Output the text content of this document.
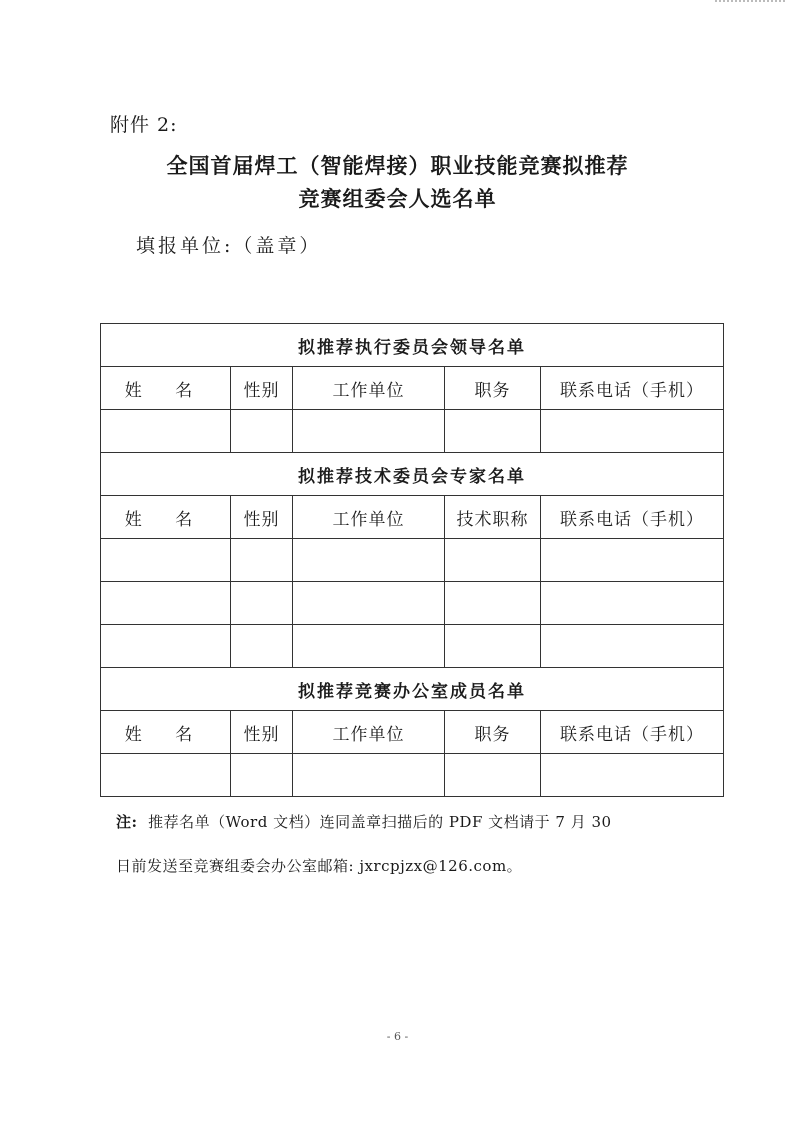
附件 2:
全国首届焊工（智能焊接）职业技能竞赛拟推荐
竞赛组委会人选名单
填报单位:（盖章）
拟推荐执行委员会领导名单				
姓 名	性别	工作单位	职务	联系电话（手机）

拟推荐技术委员会专家名单				
姓 名	性别	工作单位	技术职称	联系电话（手机）

拟推荐竞赛办公室成员名单				
姓 名	性别	工作单位	职务	联系电话（手机）

注: 推荐名单（Word 文档）连同盖章扫描后的 PDF 文档请于 7 月 30
日前发送至竞赛组委会办公室邮箱: jxrcpjzx@126.com。
- 6 -
